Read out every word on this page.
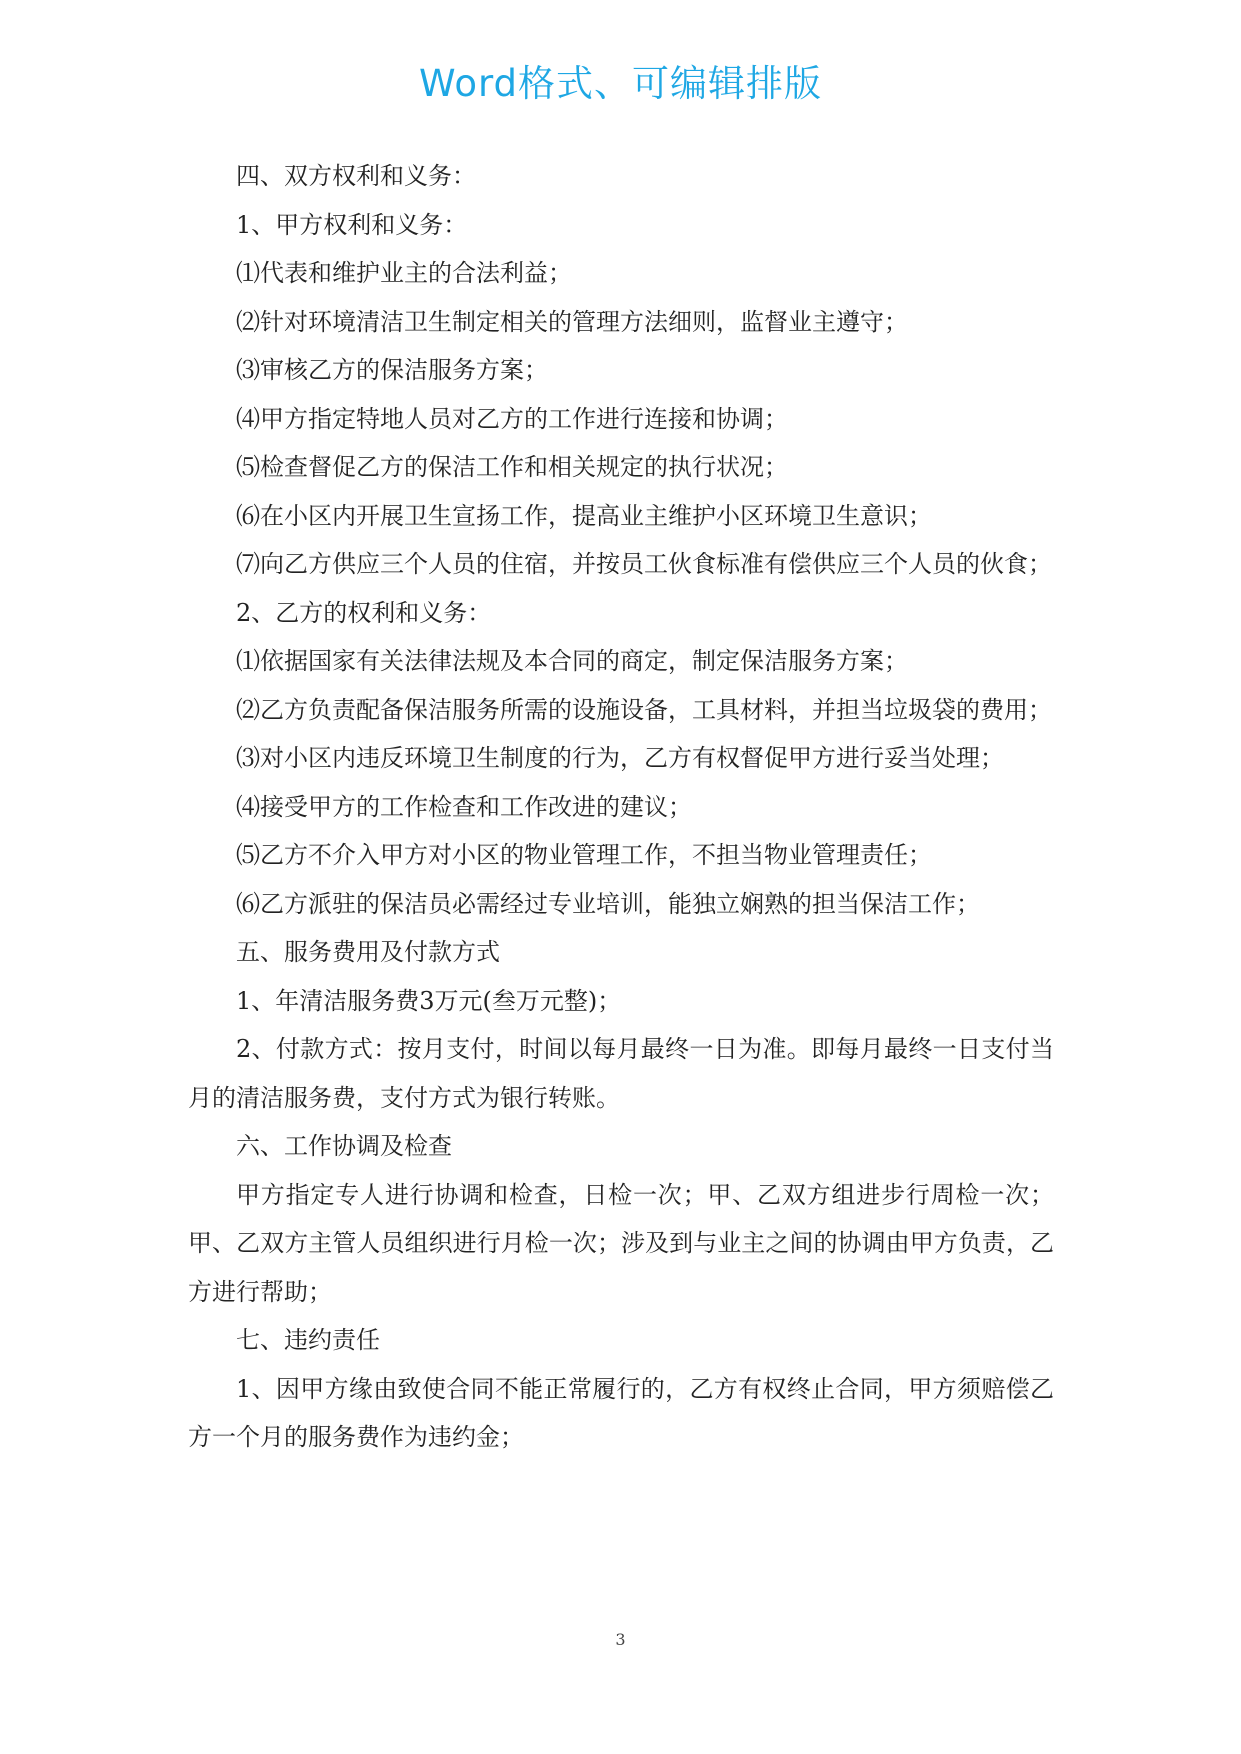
Word格式、可编辑排版

四、双方权利和义务：

1、甲方权利和义务：

⑴代表和维护业主的合法利益；

⑵针对环境清洁卫生制定相关的管理方法细则，监督业主遵守；

⑶审核乙方的保洁服务方案；

⑷甲方指定特地人员对乙方的工作进行连接和协调；

⑸检查督促乙方的保洁工作和相关规定的执行状况；

⑹在小区内开展卫生宣扬工作，提高业主维护小区环境卫生意识；

⑺向乙方供应三个人员的住宿，并按员工伙食标准有偿供应三个人员的伙食；

2、乙方的权利和义务：

⑴依据国家有关法律法规及本合同的商定，制定保洁服务方案；

⑵乙方负责配备保洁服务所需的设施设备，工具材料，并担当垃圾袋的费用；

⑶对小区内违反环境卫生制度的行为，乙方有权督促甲方进行妥当处理；

⑷接受甲方的工作检查和工作改进的建议；

⑸乙方不介入甲方对小区的物业管理工作，不担当物业管理责任；

⑹乙方派驻的保洁员必需经过专业培训，能独立娴熟的担当保洁工作；

五、服务费用及付款方式

1、年清洁服务费3万元(叁万元整)；

2、付款方式：按月支付，时间以每月最终一日为准。即每月最终一日支付当月的清洁服务费，支付方式为银行转账。

六、工作协调及检查

甲方指定专人进行协调和检查，日检一次；甲、乙双方组进步行周检一次；甲、乙双方主管人员组织进行月检一次；涉及到与业主之间的协调由甲方负责，乙方进行帮助；

七、违约责任

1、因甲方缘由致使合同不能正常履行的，乙方有权终止合同，甲方须赔偿乙方一个月的服务费作为违约金；

3
